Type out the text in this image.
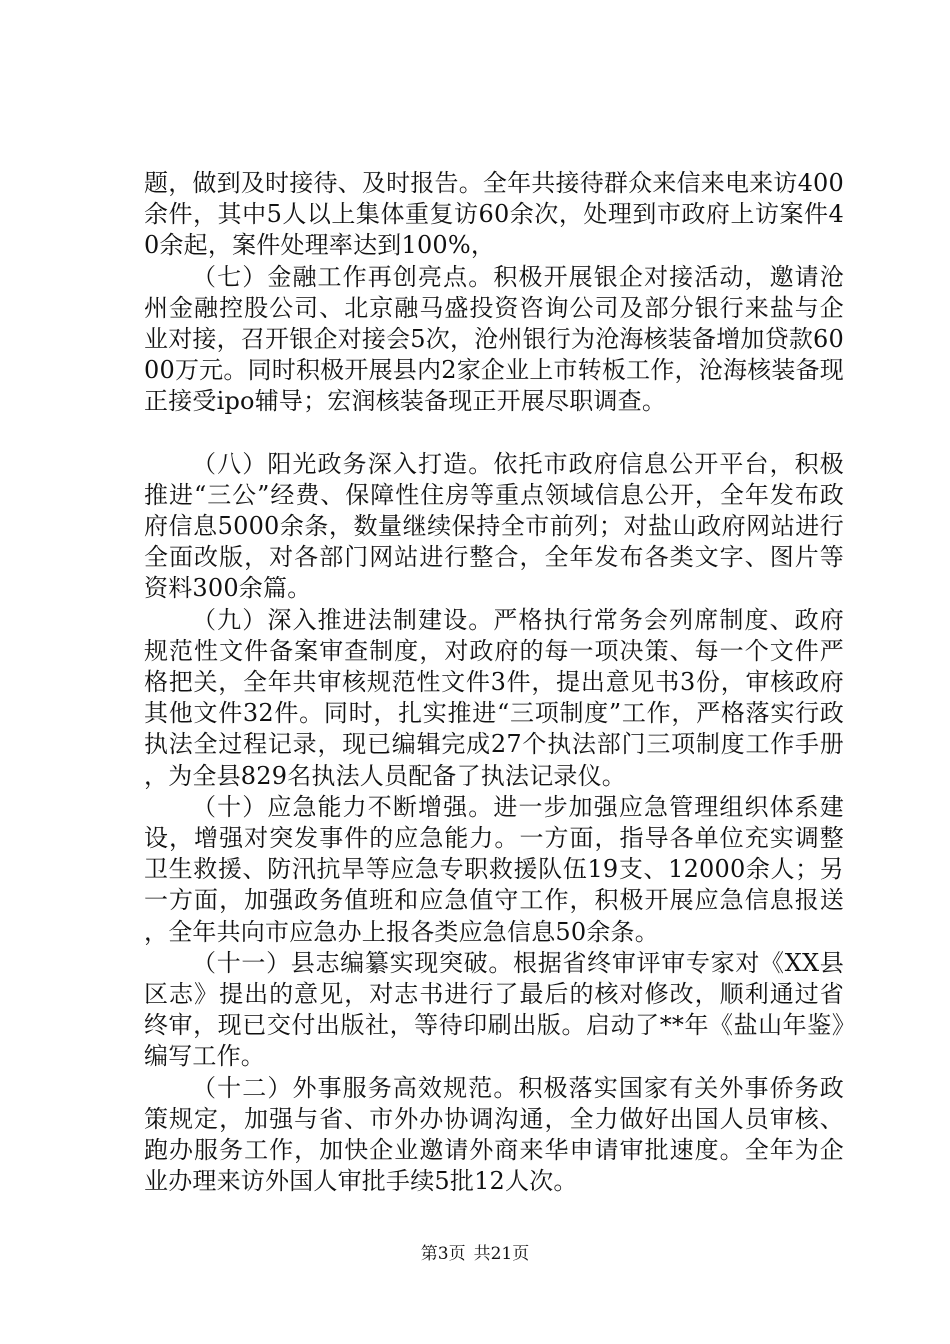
题，做到及时接待、及时报告。全年共接待群众来信来电来访400余件，其中5人以上集体重复访60余次，处理到市政府上访案件40余起，案件处理率达到100%，

（七）金融工作再创亮点。积极开展银企对接活动，邀请沧州金融控股公司、北京融马盛投资咨询公司及部分银行来盐与企业对接，召开银企对接会5次，沧州银行为沧海核装备增加贷款6000万元。同时积极开展县内2家企业上市转板工作，沧海核装备现正接受ipo辅导；宏润核装备现正开展尽职调查。

（八）阳光政务深入打造。依托市政府信息公开平台，积极推进“三公”经费、保障性住房等重点领域信息公开，全年发布政府信息5000余条，数量继续保持全市前列；对盐山政府网站进行全面改版，对各部门网站进行整合，全年发布各类文字、图片等资料300余篇。

（九）深入推进法制建设。严格执行常务会列席制度、政府规范性文件备案审查制度，对政府的每一项决策、每一个文件严格把关，全年共审核规范性文件3件，提出意见书3份，审核政府其他文件32件。同时，扎实推进“三项制度”工作，严格落实行政执法全过程记录，现已编辑完成27个执法部门三项制度工作手册，为全县829名执法人员配备了执法记录仪。

（十）应急能力不断增强。进一步加强应急管理组织体系建设，增强对突发事件的应急能力。一方面，指导各单位充实调整卫生救援、防汛抗旱等应急专职救援队伍19支、12000余人；另一方面，加强政务值班和应急值守工作，积极开展应急信息报送，全年共向市应急办上报各类应急信息50余条。

（十一）县志编纂实现突破。根据省终审评审专家对《XX县区志》提出的意见，对志书进行了最后的核对修改，顺利通过省终审，现已交付出版社，等待印刷出版。启动了**年《盐山年鉴》编写工作。

（十二）外事服务高效规范。积极落实国家有关外事侨务政策规定，加强与省、市外办协调沟通，全力做好出国人员审核、跑办服务工作，加快企业邀请外商来华申请审批速度。全年为企业办理来访外国人审批手续5批12人次。

第3页 共21页
